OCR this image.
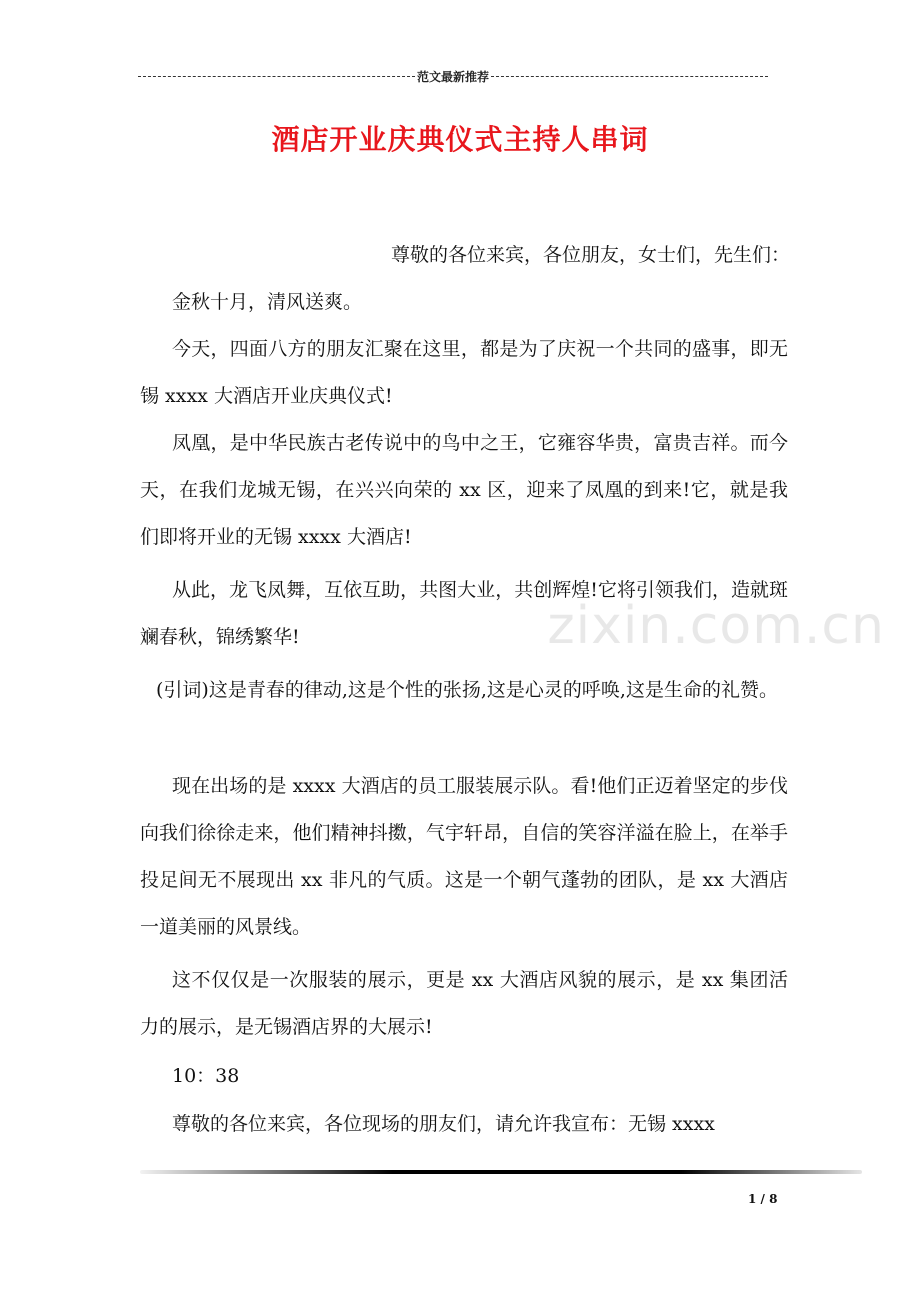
范文最新推荐
酒店开业庆典仪式主持人串词
zixin.com.cn
尊敬的各位来宾，各位朋友，女士们，先生们：
金秋十月，清风送爽。
今天，四面八方的朋友汇聚在这里，都是为了庆祝一个共同的盛事，即无锡 xxxx 大酒店开业庆典仪式!
凤凰，是中华民族古老传说中的鸟中之王，它雍容华贵，富贵吉祥。而今天，在我们龙城无锡，在兴兴向荣的 xx 区，迎来了凤凰的到来!它，就是我们即将开业的无锡 xxxx 大酒店!
从此，龙飞凤舞，互依互助，共图大业，共创辉煌!它将引领我们，造就斑斓春秋，锦绣繁华!
(引词)这是青春的律动,这是个性的张扬,这是心灵的呼唤,这是生命的礼赞。
现在出场的是 xxxx 大酒店的员工服装展示队。看!他们正迈着坚定的步伐向我们徐徐走来，他们精神抖擞，气宇轩昂，自信的笑容洋溢在脸上，在举手投足间无不展现出 xx 非凡的气质。这是一个朝气蓬勃的团队，是 xx 大酒店一道美丽的风景线。
这不仅仅是一次服装的展示，更是 xx 大酒店风貌的展示，是 xx 集团活力的展示，是无锡酒店界的大展示!
10：38
尊敬的各位来宾，各位现场的朋友们，请允许我宣布：无锡 xxxx
1 / 8
